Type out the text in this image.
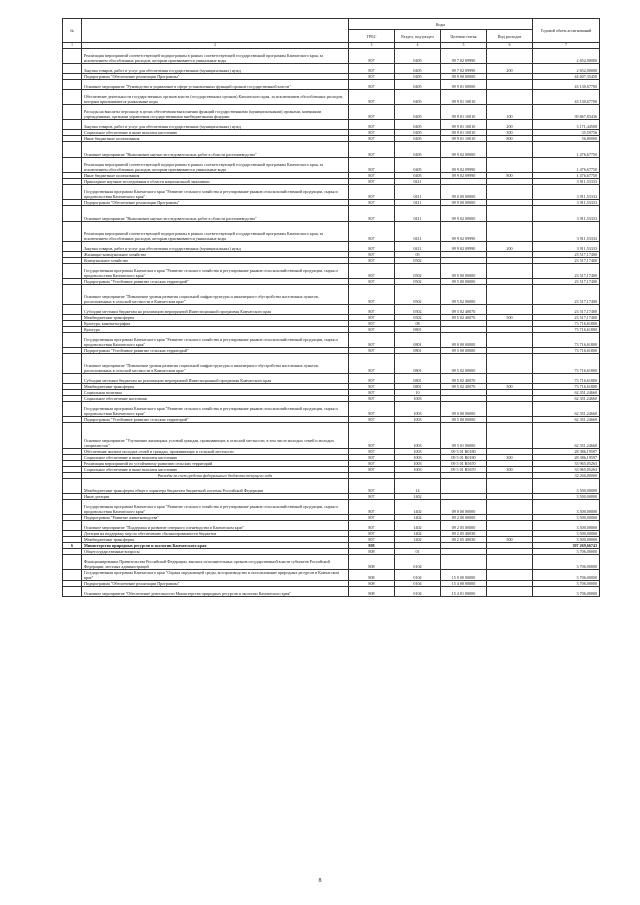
№		Коды				Годовой объем ассигнований
		ГРБС	Раздел, под-раздел	Целевая статья	Вид расходов	
1	2	3	4	5	6	7
	Реализация мероприятий соответствующей подпрограммы в рамках соответствующей государственной программы Камчатского края, за исключением обособленных расходов, которым присваиваются уникальные коды	807	0405	09 7 02 09990		2 652,00000
	Закупка товаров, работ и услуг для обеспечения государственных (муниципальных) нужд	807	0405	09 7 02 09990	200	2 652,00000
	Подпрограмма "Обеспечение реализации Программы"	807	0405	09 9 00 00000		44 607,35450
	Основное мероприятие "Руководство и управление в сфере установленных функций органов государственной власти"	807	0405	09 9 01 00000		43 130,67700
	Обеспечение деятельности государственных органов власти (государственных органов) Камчатского края, за исключением обособленных расходов, которым присваиваются уникальные коды	807	0405	09 9 01 10010		43 130,67700
	Расходы на выплаты персоналу в целях обеспечения выполнения функций государственными (муниципальными) органами, казенными учреждениями, органами управления государственными внебюджетными фондами	807	0405	09 9 01 10010	100	39 867,83436
	Закупка товаров, работ и услуг для обеспечения государственных (муниципальных) нужд	807	0405	09 9 01 10010	200	3 171,44508
	Социальное обеспечение и иные выплаты населению	807	0405	09 9 01 10010	300	35,59756
	Иные бюджетные ассигнования	807	0405	09 9 01 10010	800	56,80000
	Основное мероприятие "Выполнение научно-исследовательских работ в области растениеводства"	807	0405	09 9 02 00000		1 476,67750
	Реализация мероприятий соответствующей подпрограммы в рамках соответствующей государственной программы Камчатского края, за исключением обособленных расходов, которым присваиваются уникальные коды	807	0405	09 9 02 09990		1 476,67750
	Иные бюджетные ассигнования	807	0405	09 9 02 09990	800	1 476,67750
	Прикладные научные исследования в области национальной экономики	807	0411			3 911,53333
	Государственная программа Камчатского края "Развитие сельского хозяйства и регулирование рынков сельскохозяйственной продукции, сырья и продовольствия Камчатского края"	807	0411	09 0 00 00000		3 911,53333
	Подпрограмма "Обеспечение реализации Программы"	807	0411	09 9 00 00000		3 911,53333
	Основное мероприятие "Выполнение научно-исследовательских работ в области растениеводства"	807	0411	09 9 02 00000		3 911,53333
	Реализация мероприятий соответствующей подпрограммы в рамках соответствующей государственной программы Камчатского края, за исключением обособленных расходов, которым присваиваются уникальные коды	807	0411	09 9 02 09990		3 911,53333
	Закупка товаров, работ и услуг для обеспечения государственных (муниципальных) нужд	807	0411	09 9 02 09990	200	3 911,53333
	Жилищно-коммунальное хозяйство	807	05			23 517,17400
	Коммунальное хозяйство	807	0502			23 517,17400
	Государственная программа Камчатского края "Развитие сельского хозяйства и регулирование рынков сельскохозяйственной продукции, сырья и продовольствия Камчатского края"	807	0502	09 0 00 00000		23 517,17400
	Подпрограмма "Устойчивое развитие сельских территорий"	807	0502	09 5 00 00000		23 517,17400
	Основное мероприятие "Повышение уровня развития социальной инфраструктуры и инженерного обустройства населенных пунктов, расположенных в сельской местности в Камчатском крае"	807	0502	09 5 02 00000		23 517,17400
	Субсидии местным бюджетам на реализацию мероприятий Инвестиционной программы Камчатского края	807	0502	09 5 02 40070		23 517,17400
	Межбюджетные трансферты	807	0502	09 5 02 40070	500	23 517,17400
	Культура, кинематография	807	08			73 716,61800
	Культура	807	0801			73 716,61800
	Государственная программа Камчатского края "Развитие сельского хозяйства и регулирование рынков сельскохозяйственной продукции, сырья и продовольствия Камчатского края"	807	0801	09 0 00 00000		73 716,61800
	Подпрограмма "Устойчивое развитие сельских территорий"	807	0801	09 5 00 00000		73 716,61800
	Основное мероприятие "Повышение уровня развития социальной инфраструктуры и инженерного обустройства населенных пунктов, расположенных в сельской местности в Камчатском крае"	807	0801	09 5 02 00000		73 716,61800
	Субсидии местным бюджетам на реализацию мероприятий Инвестиционной программы Камчатского края	807	0801	09 5 02 40070		73 716,61800
	Межбюджетные трансферты	807	0801	09 5 02 40070	500	73 716,61800
	Социальная политика	807	10			62 351,24660
	Социальное обеспечение населения	807	1003			62 351,24660
	Государственная программа Камчатского края "Развитие сельского хозяйства и регулирование рынков сельскохозяйственной продукции, сырья и продовольствия Камчатского края"	807	1003	09 0 00 00000		62 351,24660
	Подпрограмма "Устойчивое развитие сельских территорий"	807	1003	09 5 00 00000		62 351,24660
	Основное мероприятие "Улучшение жилищных условий граждан, проживающих в сельской местности, в том числе молодых семей и молодых специалистов"	807	1003	09 5 01 00000		62 351,24660
	Обеспечение жильем молодых семей и граждан, проживающих в сельской местности	807	1003	09 5 01 R0180		28 386,19597
	Социальное обеспечение и иные выплаты населению	807	1003	09 5 01 R0180	300	28 386,19597
	Реализация мероприятий по устойчивому развитию сельских территорий	807	1003	09 5 01 R5670		33 965,05263
	Социальное обеспечение и иные выплаты населению	807	1003	09 5 01 R5670	300	33 965,05263
	Расходы за счет средств федерального бюджета текущего года					32 266,80000
	Межбюджетные трансферты общего характера бюджетам бюджетной системы Российской Федерации	807	14			3 500,00000
	Иные дотации	807	1402			3 500,00000
	Государственная программа Камчатского края "Развитие сельского хозяйства и регулирование рынков сельскохозяйственной продукции, сырья и продовольствия Камчатского края"	807	1402	09 0 00 00000		3 500,00000
	Подпрограмма "Развитие животноводства"	807	1402	09 2 00 00000		3 500,00000
	Основное мероприятие "Поддержка и развитие северного оленеводства в Камчатском крае"	807	1402	09 2 05 00000		3 500,00000
	Дотации на поддержку мер по обеспечению сбалансированности бюджетов	807	1402	09 2 05 40030		3 500,00000
	Межбюджетные трансферты	807	1402	09 2 05 40030	500	3 500,00000
6	Министерство природных ресурсов и экологии Камчатского края	808				397 269,66743
	Общегосударственные вопросы	808	01			3 706,00000
	Функционирование Правительства Российской Федерации, высших исполнительных органов государственной власти субъектов Российской Федерации, местных администраций	808	0104			3 706,00000
	Государственная программа Камчатского края "Охрана окружающей среды, воспроизводство и использование природных ресурсов в Камчатском крае"	808	0104	15 0 00 00000		3 706,00000
	Подпрограмма "Обеспечение реализации Программы"	808	0104	15 4 00 00000		3 706,00000
	Основное мероприятие "Обеспечение деятельности Министерства природных ресурсов и экологии Камчатского края"	808	0104	15 4 01 00000		3 706,00000
8
